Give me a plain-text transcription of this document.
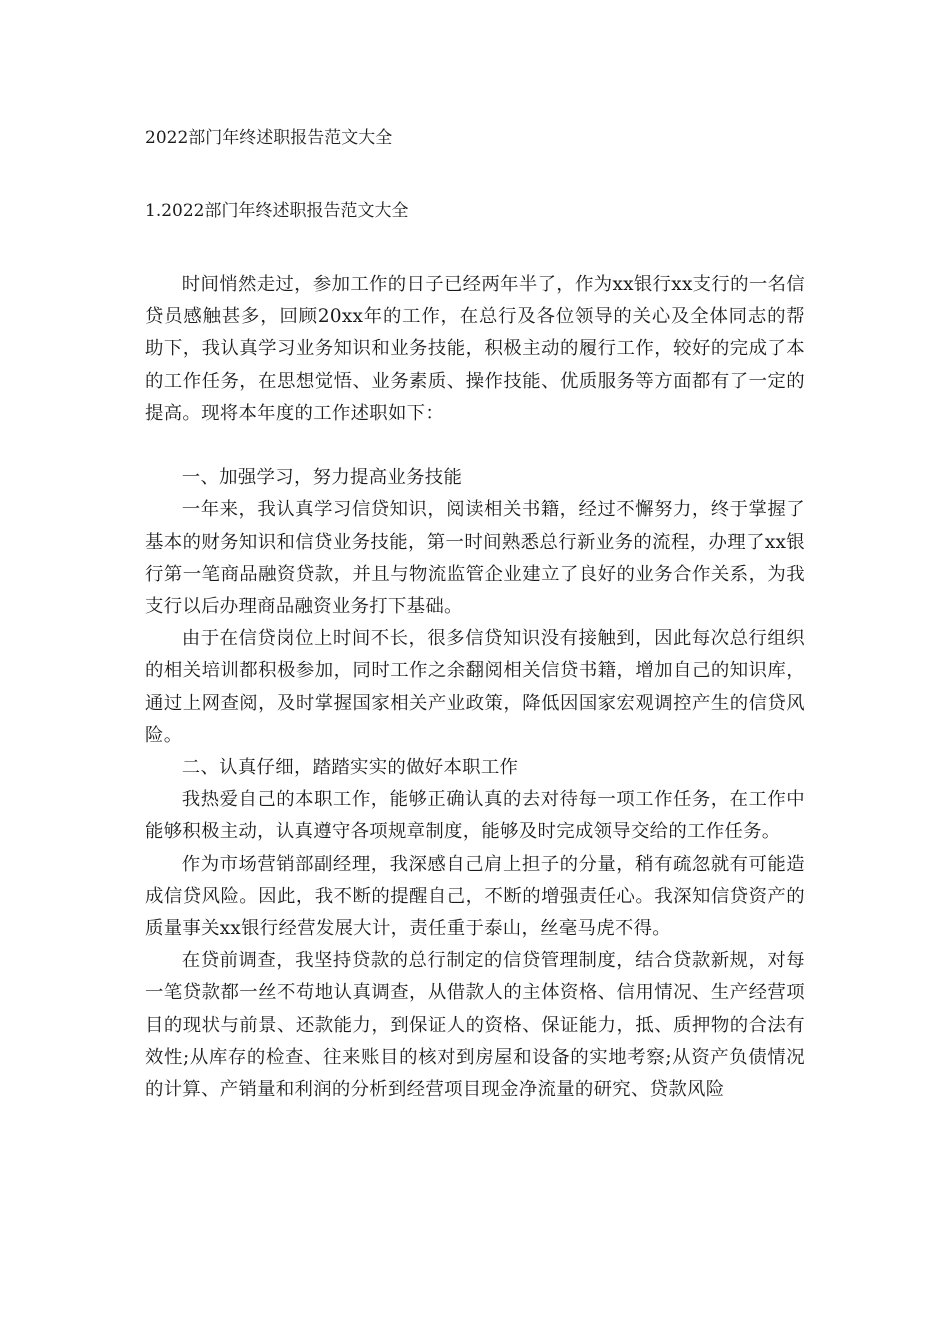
2022部门年终述职报告范文大全
1.2022部门年终述职报告范文大全

时间悄然走过，参加工作的日子已经两年半了，作为xx银行xx支行的一名信贷员感触甚多，回顾20xx年的工作，在总行及各位领导的关心及全体同志的帮助下，我认真学习业务知识和业务技能，积极主动的履行工作，较好的完成了本的工作任务，在思想觉悟、业务素质、操作技能、优质服务等方面都有了一定的提高。现将本年度的工作述职如下：

一、加强学习，努力提高业务技能

一年来，我认真学习信贷知识，阅读相关书籍，经过不懈努力，终于掌握了基本的财务知识和信贷业务技能，第一时间熟悉总行新业务的流程，办理了xx银行第一笔商品融资贷款，并且与物流监管企业建立了良好的业务合作关系，为我支行以后办理商品融资业务打下基础。

由于在信贷岗位上时间不长，很多信贷知识没有接触到，因此每次总行组织的相关培训都积极参加，同时工作之余翻阅相关信贷书籍，增加自己的知识库，通过上网查阅，及时掌握国家相关产业政策，降低因国家宏观调控产生的信贷风险。

二、认真仔细，踏踏实实的做好本职工作

我热爱自己的本职工作，能够正确认真的去对待每一项工作任务，在工作中能够积极主动，认真遵守各项规章制度，能够及时完成领导交给的工作任务。

作为市场营销部副经理，我深感自己肩上担子的分量，稍有疏忽就有可能造成信贷风险。因此，我不断的提醒自己，不断的增强责任心。我深知信贷资产的质量事关xx银行经营发展大计，责任重于泰山，丝毫马虎不得。

在贷前调查，我坚持贷款的总行制定的信贷管理制度，结合贷款新规，对每一笔贷款都一丝不苟地认真调查，从借款人的主体资格、信用情况、生产经营项目的现状与前景、还款能力，到保证人的资格、保证能力，抵、质押物的合法有效性;从库存的检查、往来账目的核对到房屋和设备的实地考察;从资产负债情况的计算、产销量和利润的分析到经营项目现金净流量的研究、贷款风险
